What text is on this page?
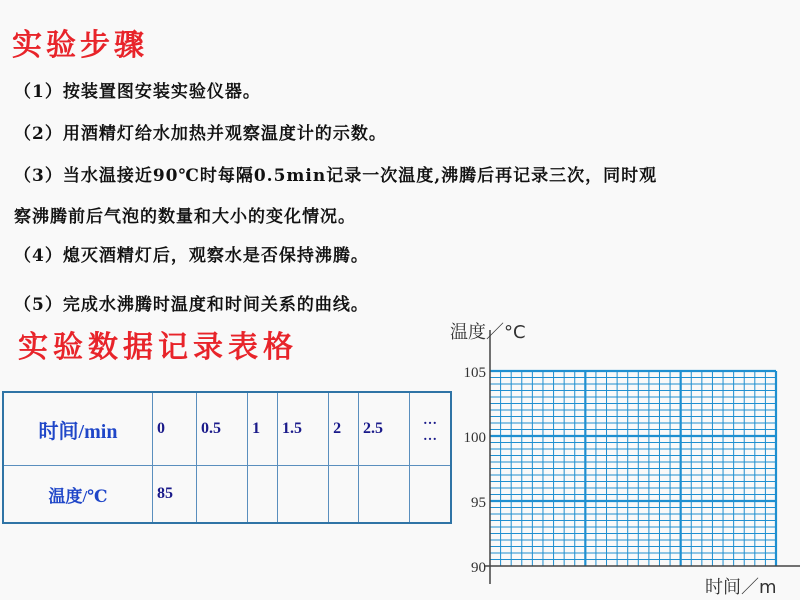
实验步骤
（1）按装置图安装实验仪器。
（2）用酒精灯给水加热并观察温度计的示数。
（3）当水温接近90℃时每隔0.5min记录一次温度,沸腾后再记录三次，同时观
察沸腾前后气泡的数量和大小的变化情况。
（4）熄灭酒精灯后，观察水是否保持沸腾。
（5）完成水沸腾时温度和时间关系的曲线。
实验数据记录表格
时间/min	0	0.5	1	1.5	2	2.5	…
…

温度/℃	85						
90
95
100
105
温度／°C
时间／m
